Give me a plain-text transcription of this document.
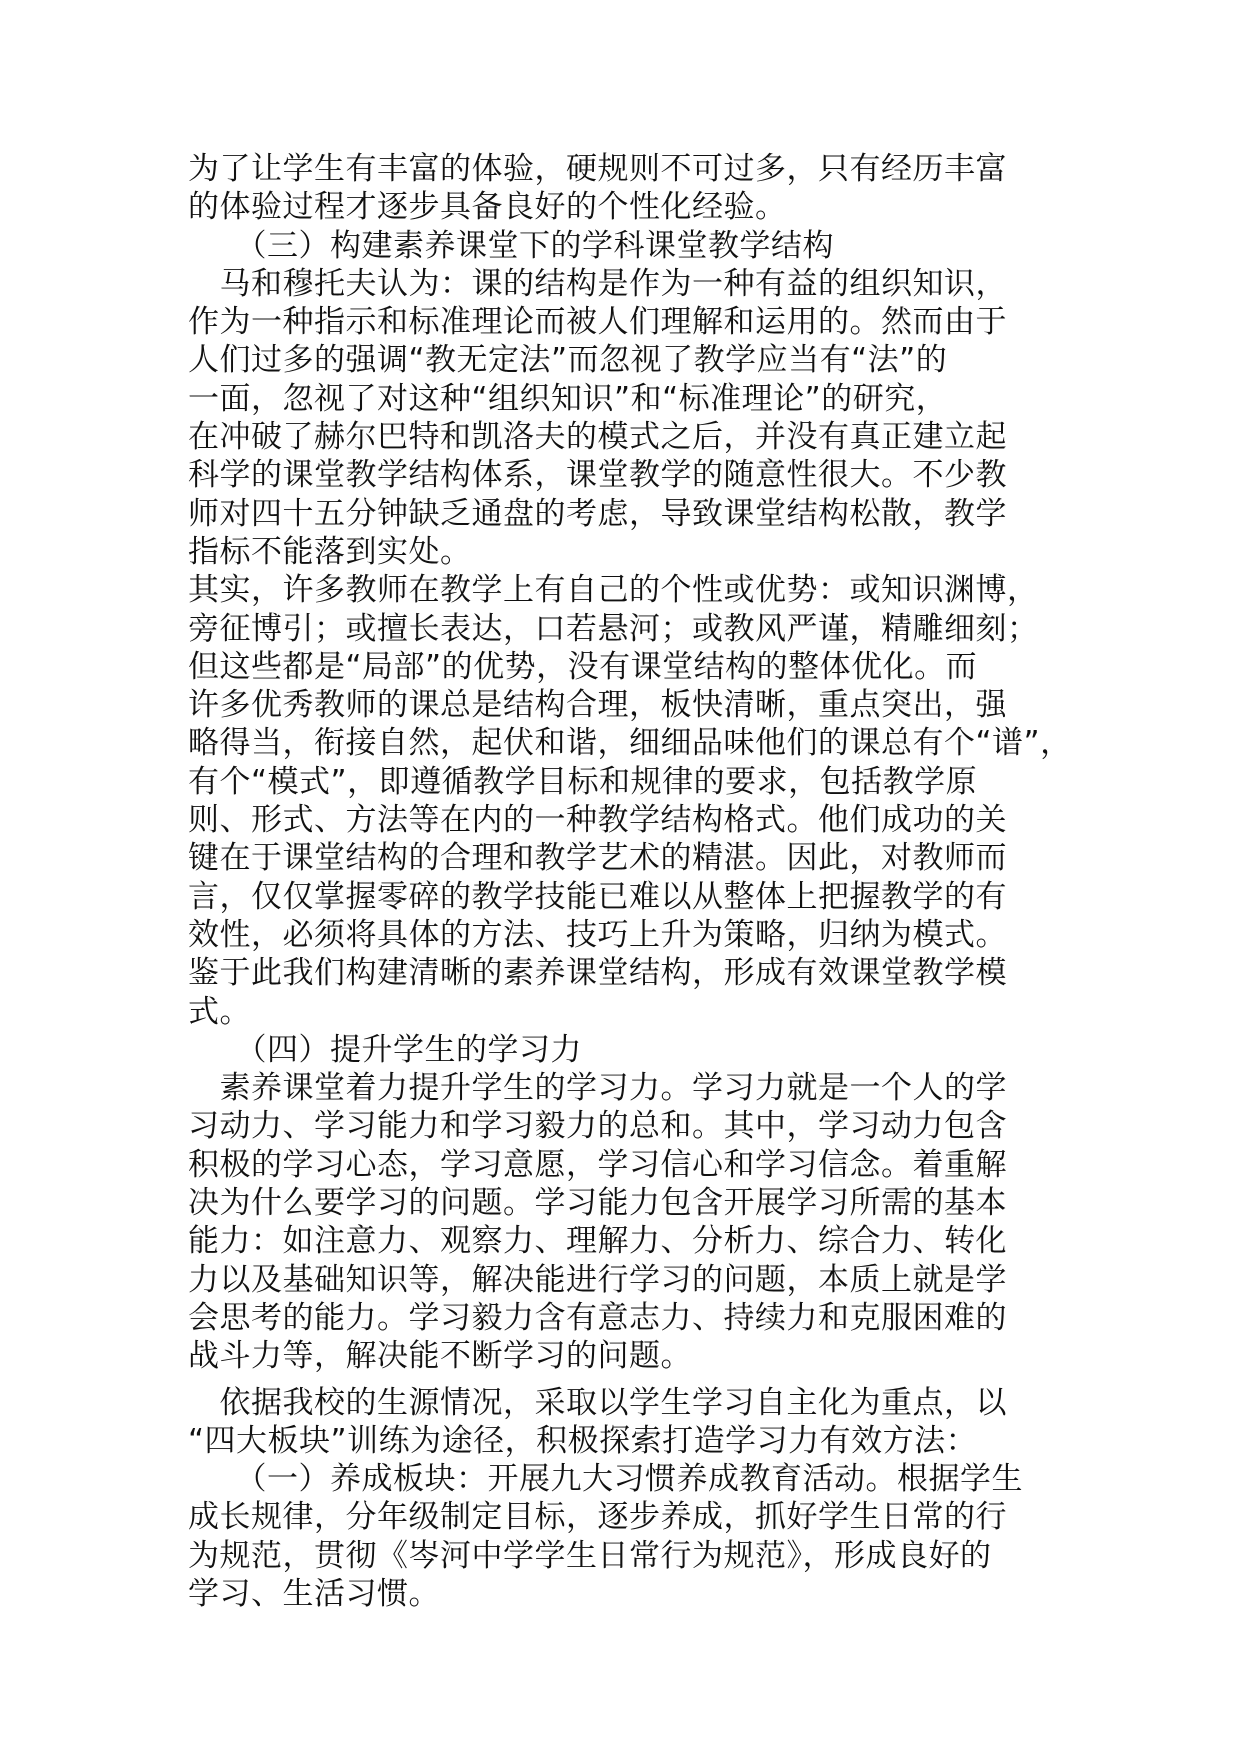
为了让学生有丰富的体验，硬规则不可过多，只有经历丰富
的体验过程才逐步具备良好的个性化经验。

　　（三）构建素养课堂下的学科课堂教学结构

　马和穆托夫认为：课的结构是作为一种有益的组织知识，
作为一种指示和标准理论而被人们理解和运用的。然而由于
人们过多的强调“教无定法”而忽视了教学应当有“法”的
一面，忽视了对这种“组织知识”和“标准理论”的研究，
在冲破了赫尔巴特和凯洛夫的模式之后，并没有真正建立起
科学的课堂教学结构体系，课堂教学的随意性很大。不少教
师对四十五分钟缺乏通盘的考虑，导致课堂结构松散，教学
指标不能落到实处。

其实，许多教师在教学上有自己的个性或优势：或知识渊博，
旁征博引；或擅长表达，口若悬河；或教风严谨，精雕细刻；
但这些都是“局部”的优势，没有课堂结构的整体优化。而
许多优秀教师的课总是结构合理，板快清晰，重点突出，强
略得当，衔接自然，起伏和谐，细细品味他们的课总有个“谱”，
有个“模式”，即遵循教学目标和规律的要求，包括教学原
则、形式、方法等在内的一种教学结构格式。他们成功的关
键在于课堂结构的合理和教学艺术的精湛。因此，对教师而
言，仅仅掌握零碎的教学技能已难以从整体上把握教学的有
效性，必须将具体的方法、技巧上升为策略，归纳为模式。
鉴于此我们构建清晰的素养课堂结构，形成有效课堂教学模
式。

　　（四）提升学生的学习力

　素养课堂着力提升学生的学习力。学习力就是一个人的学
习动力、学习能力和学习毅力的总和。其中，学习动力包含
积极的学习心态，学习意愿，学习信心和学习信念。着重解
决为什么要学习的问题。学习能力包含开展学习所需的基本
能力：如注意力、观察力、理解力、分析力、综合力、转化
力以及基础知识等，解决能进行学习的问题，本质上就是学
会思考的能力。学习毅力含有意志力、持续力和克服困难的
战斗力等，解决能不断学习的问题。

　依据我校的生源情况，采取以学生学习自主化为重点，以
“四大板块”训练为途径，积极探索打造学习力有效方法：
　　（一）养成板块：开展九大习惯养成教育活动。根据学生
成长规律，分年级制定目标，逐步养成，抓好学生日常的行
为规范，贯彻《岑河中学学生日常行为规范》，形成良好的
学习、生活习惯。
